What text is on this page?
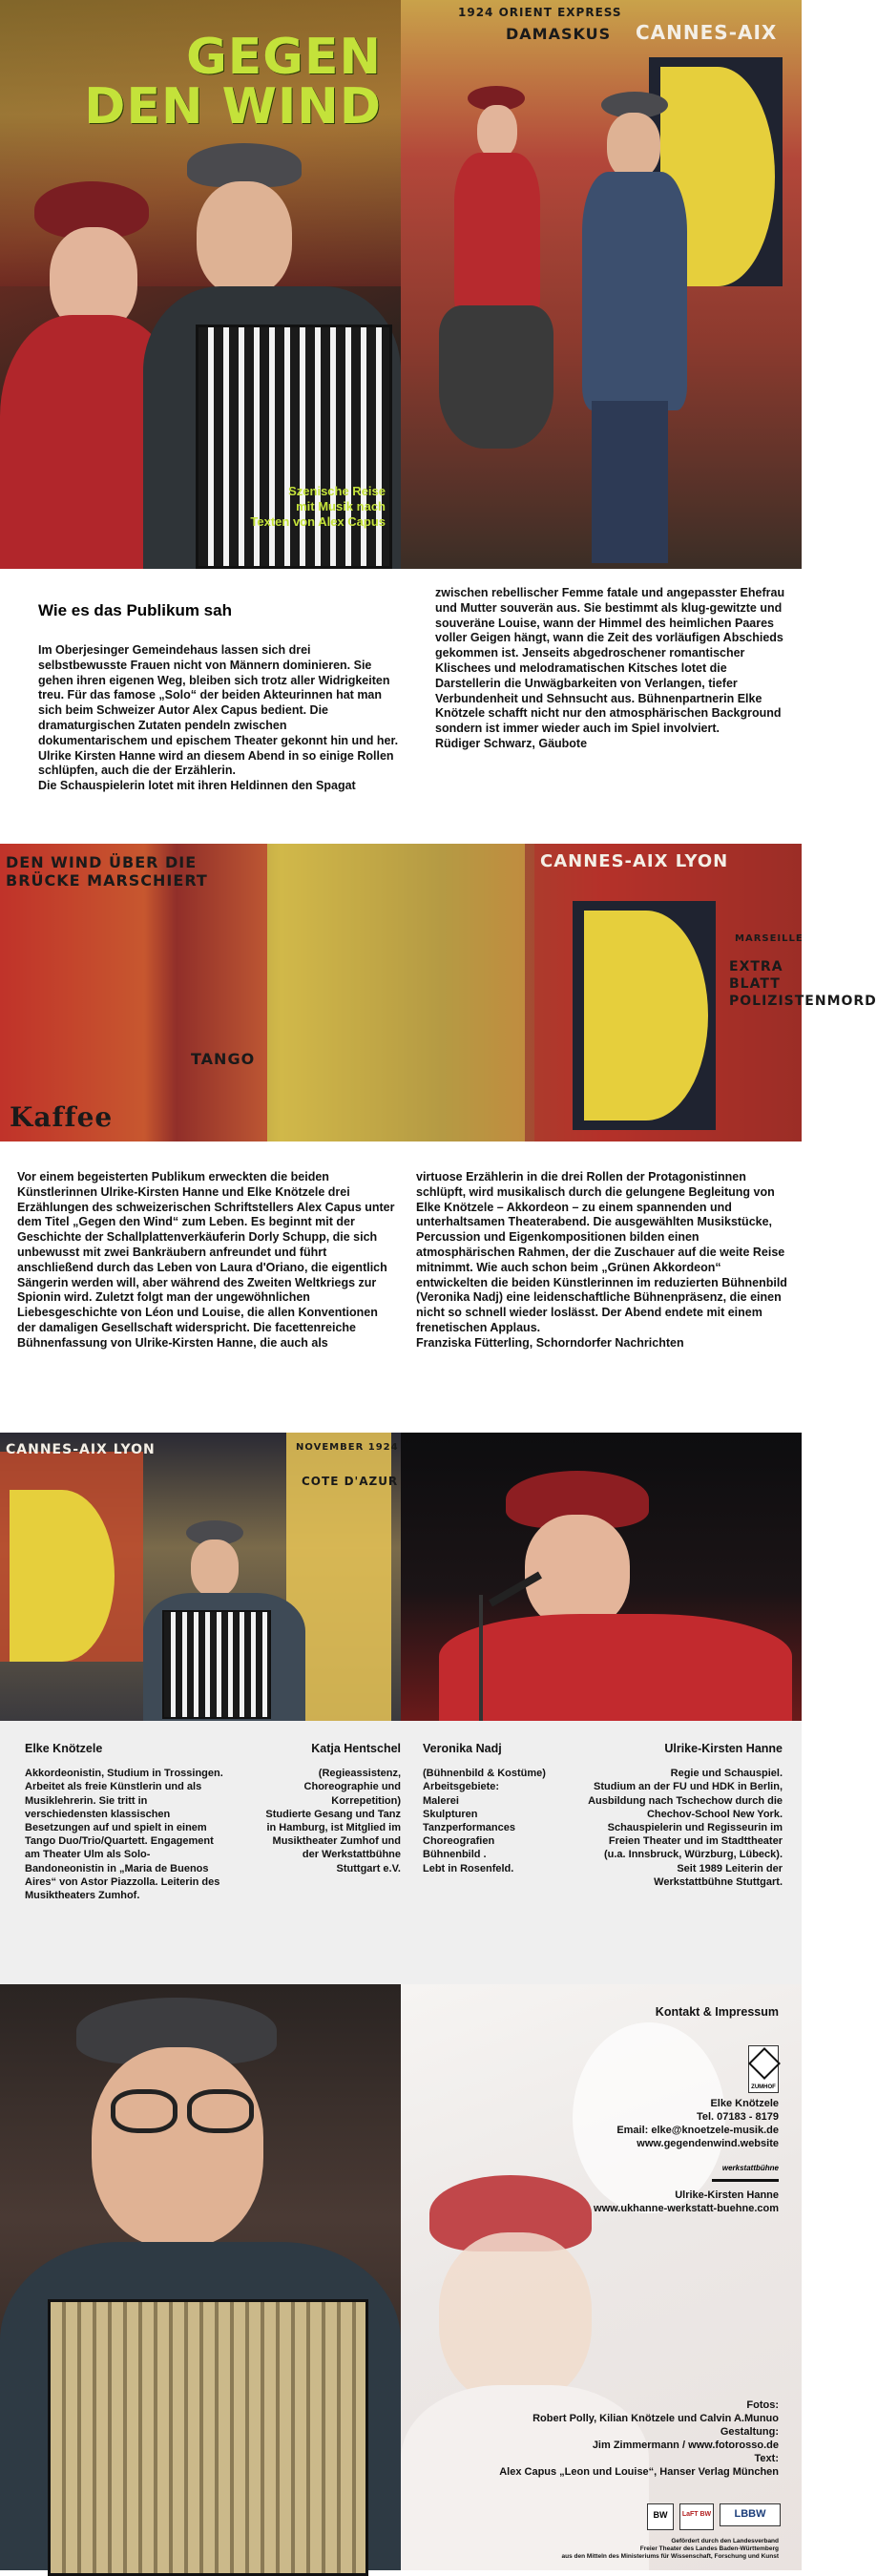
1924 ORIENT EXPRESS
DAMASKUS CANNES-AIX
GEGEN
DEN WIND
Szenische Reise
mit Musik nach
Texten von Alex Capus
Wie es das Publikum sah

Im Oberjesinger Gemeindehaus lassen sich drei selbstbewusste Frauen nicht von Männern dominieren. Sie gehen ihren eigenen Weg, bleiben sich trotz aller Widrigkeiten treu. Für das famose „Solo“ der beiden Akteurinnen hat man sich beim Schweizer Autor Alex Capus bedient. Die dramaturgischen Zutaten pendeln zwischen dokumentarischem und epischem Theater gekonnt hin und her. Ulrike Kirsten Hanne wird an diesem Abend in so einige Rollen schlüpfen, auch die der Erzählerin.

Die Schauspielerin lotet mit ihren Heldinnen den Spagat

zwischen rebellischer Femme fatale und angepasster Ehefrau und Mutter souverän aus. Sie bestimmt als klug-gewitzte und souveräne Louise, wann der Himmel des heimlichen Paares voller Geigen hängt, wann die Zeit des vorläufigen Abschieds gekommen ist. Jenseits abgedroschener romantischer Klischees und melodramatischen Kitsches lotet die Darstellerin die Unwägbarkeiten von Verlangen, tiefer Verbundenheit und Sehnsucht aus. Bühnenpartnerin Elke Knötzele schafft nicht nur den atmosphärischen Background sondern ist immer wieder auch im Spiel involviert.

Rüdiger Schwarz, Gäubote

DEN WIND ÜBER DIE BRÜCKE MARSCHIERT
CANNES-AIX LYON
TANGO
Kaffee
EXTRA BLATT POLIZISTENMORD
MARSEILLE

Vor einem begeisterten Publikum erweckten die beiden Künstlerinnen Ulrike-Kirsten Hanne und Elke Knötzele drei Erzählungen des schweizerischen Schriftstellers Alex Capus unter dem Titel „Gegen den Wind“ zum Leben. Es beginnt mit der Geschichte der Schallplattenverkäuferin Dorly Schupp, die sich unbewusst mit zwei Bankräubern anfreundet und führt anschließend durch das Leben von Laura d'Oriano, die eigentlich Sängerin werden will, aber während des Zweiten Weltkriegs zur Spionin wird. Zuletzt folgt man der ungewöhnlichen Liebesgeschichte von Léon und Louise, die allen Konventionen der damaligen Gesellschaft widerspricht. Die facettenreiche Bühnenfassung von Ulrike-Kirsten Hanne, die auch als

virtuose Erzählerin in die drei Rollen der Protagonistinnen schlüpft, wird musikalisch durch die gelungene Begleitung von Elke Knötzele – Akkordeon – zu einem spannenden und unterhaltsamen Theaterabend. Die ausgewählten Musikstücke, Percussion und Eigenkompositionen bilden einen atmosphärischen Rahmen, der die Zuschauer auf die weite Reise mitnimmt. Wie auch schon beim „Grünen Akkordeon“ entwickelten die beiden Künstlerinnen im reduzierten Bühnenbild (Veronika Nadj) eine leidenschaftliche Bühnenpräsenz, die einen nicht so schnell wieder loslässt. Der Abend endete mit einem frenetischen Applaus.

Franziska Fütterling, Schorndorfer Nachrichten

CANNES-AIX LYON	NOVEMBER 1924
COTE D'AZUR
Elke Knötzele
Akkordeonistin, Studium in Trossingen.
Arbeitet als freie Künstlerin und als
Musiklehrerin. Sie tritt in
verschiedensten klassischen
Besetzungen auf und spielt in einem
Tango Duo/Trio/Quartett. Engagement
am Theater Ulm als Solo-
Bandoneonistin in „Maria de Buenos
Aires“ von Astor Piazzolla. Leiterin des
Musiktheaters Zumhof.
Katja Hentschel
(Regieassistenz,
Choreographie und
Korrepetition)
Studierte Gesang und Tanz
in Hamburg, ist Mitglied im
Musiktheater Zumhof und
der Werkstattbühne
Stuttgart e.V.
Veronika Nadj
(Bühnenbild & Kostüme)
Arbeitsgebiete:
Malerei
Skulpturen
Tanzperformances
Choreografien
Bühnenbild .
Lebt in Rosenfeld.
Ulrike-Kirsten Hanne
Regie und Schauspiel.
Studium an der FU und HDK in Berlin,
Ausbildung nach Tschechow durch die
Chechov-School New York.
Schauspielerin und Regisseurin im
Freien Theater und im Stadttheater
(u.a. Innsbruck, Würzburg, Lübeck).
Seit 1989 Leiterin der
Werkstattbühne Stuttgart.
Kontakt & Impressum
ZUMHOF
Elke Knötzele
Tel. 07183 - 8179
Email: elke@knoetzele-musik.de
www.gegendenwind.website
werkstattbühne
Ulrike-Kirsten Hanne
www.ukhanne-werkstatt-buehne.com
Fotos:
Robert Polly, Kilian Knötzele und Calvin A.Munuo
Gestaltung:
Jim Zimmermann / www.fotorosso.de
Text:
Alex Capus „Leon und Louise“, Hanser Verlag München
BW	LaFT BW	LBBW
Gefördert durch den Landesverband
Freier Theater des Landes Baden-Württemberg
aus den Mitteln des Ministeriums für Wissenschaft, Forschung und Kunst
